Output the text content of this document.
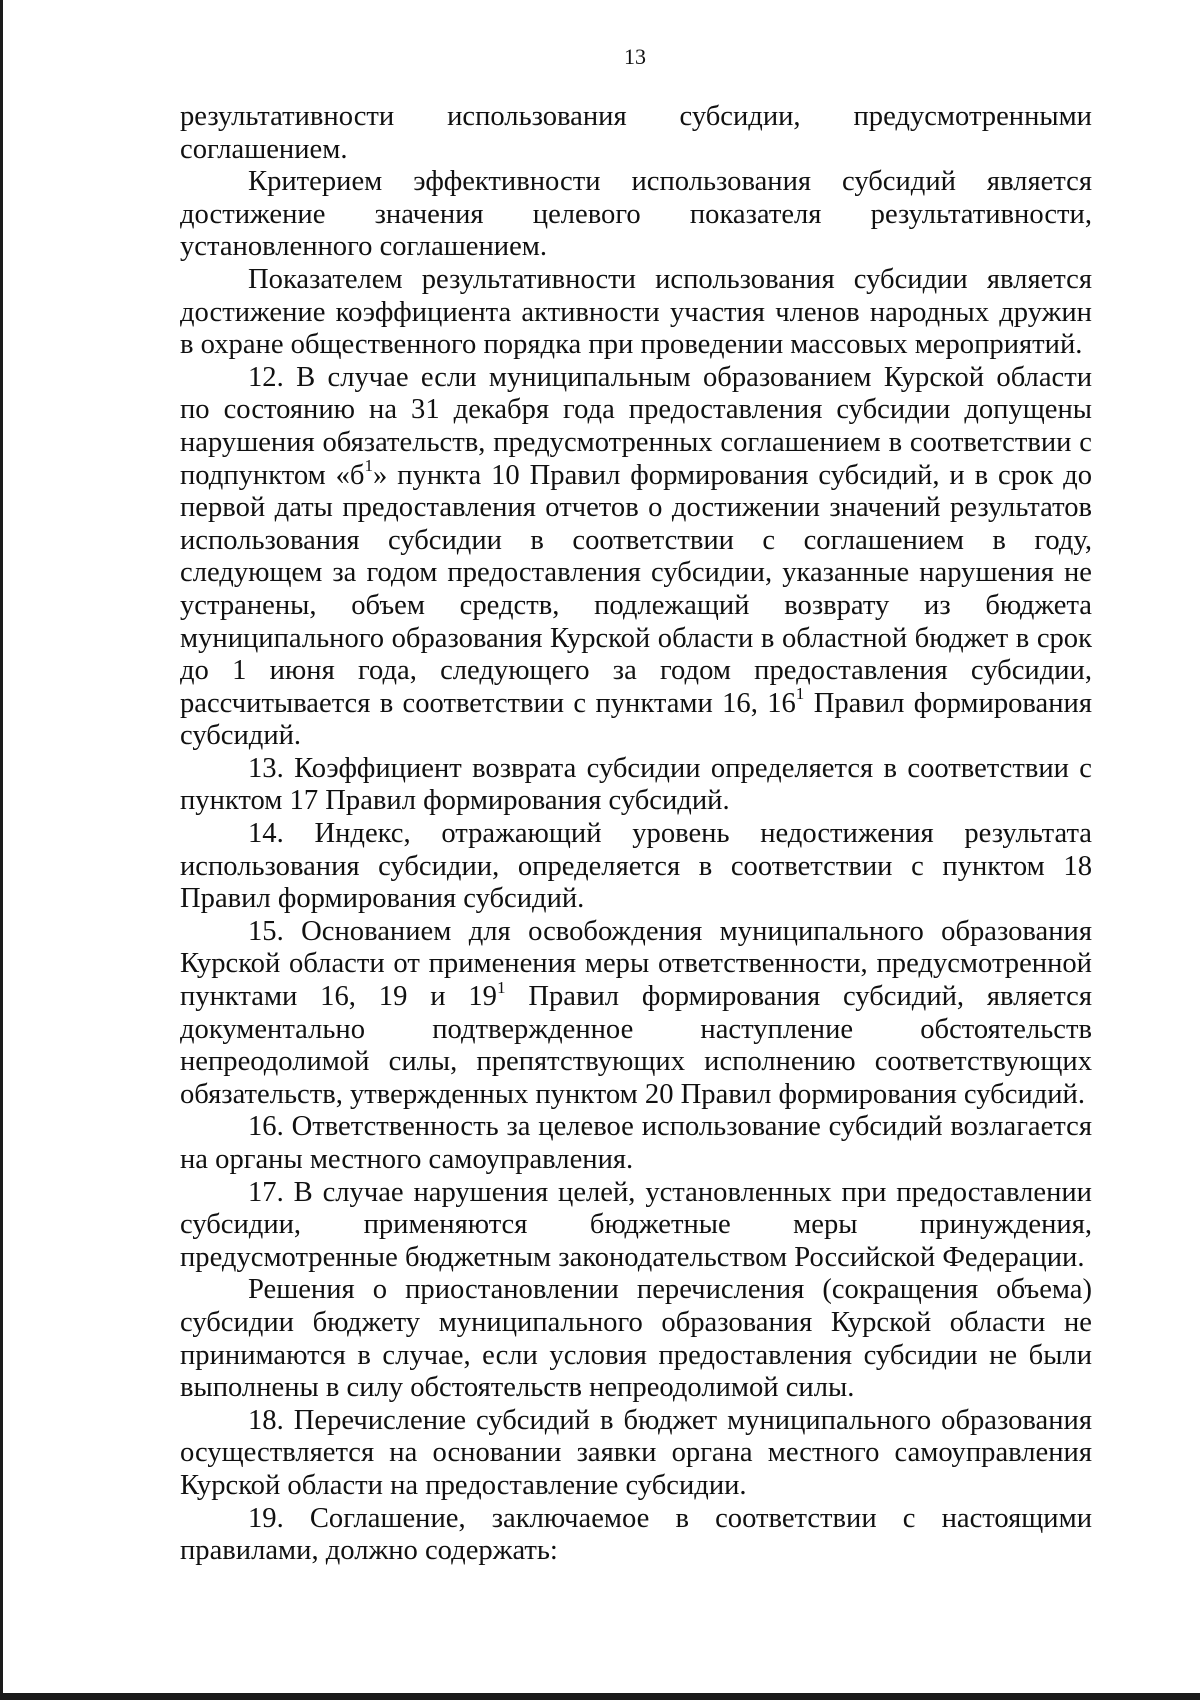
13

результативности использования субсидии, предусмотренными соглашением.

Критерием эффективности использования субсидий является достижение значения целевого показателя результативности, установленного соглашением.

Показателем результативности использования субсидии является достижение коэффициента активности участия членов народных дружин в охране общественного порядка при проведении массовых мероприятий.

12. В случае если муниципальным образованием Курской области по состоянию на 31 декабря года предоставления субсидии допущены нарушения обязательств, предусмотренных соглашением в соответствии с подпунктом «$б^1$» пункта 10 Правил формирования субсидий, и в срок до первой даты предоставления отчетов о достижении значений результатов использования субсидии в соответствии с соглашением в году, следующем за годом предоставления субсидии, указанные нарушения не устранены, объем средств, подлежащий возврату из бюджета муниципального образования Курской области в областной бюджет в срок до 1 июня года, следующего за годом предоставления субсидии, рассчитывается в соответствии с пунктами 16, $16^1$ Правил формирования субсидий.

13. Коэффициент возврата субсидии определяется в соответствии с пунктом 17 Правил формирования субсидий.

14. Индекс, отражающий уровень недостижения результата использования субсидии, определяется в соответствии с пунктом 18 Правил формирования субсидий.

15. Основанием для освобождения муниципального образования Курской области от применения меры ответственности, предусмотренной пунктами 16, 19 и $19^1$ Правил формирования субсидий, является документально подтвержденное наступление обстоятельств непреодолимой силы, препятствующих исполнению соответствующих обязательств, утвержденных пунктом 20 Правил формирования субсидий.

16. Ответственность за целевое использование субсидий возлагается на органы местного самоуправления.

17. В случае нарушения целей, установленных при предоставлении субсидии, применяются бюджетные меры принуждения, предусмотренные бюджетным законодательством Российской Федерации.

Решения о приостановлении перечисления (сокращения объема) субсидии бюджету муниципального образования Курской области не принимаются в случае, если условия предоставления субсидии не были выполнены в силу обстоятельств непреодолимой силы.

18. Перечисление субсидий в бюджет муниципального образования осуществляется на основании заявки органа местного самоуправления Курской области на предоставление субсидии.

19. Соглашение, заключаемое в соответствии с настоящими правилами, должно содержать:
